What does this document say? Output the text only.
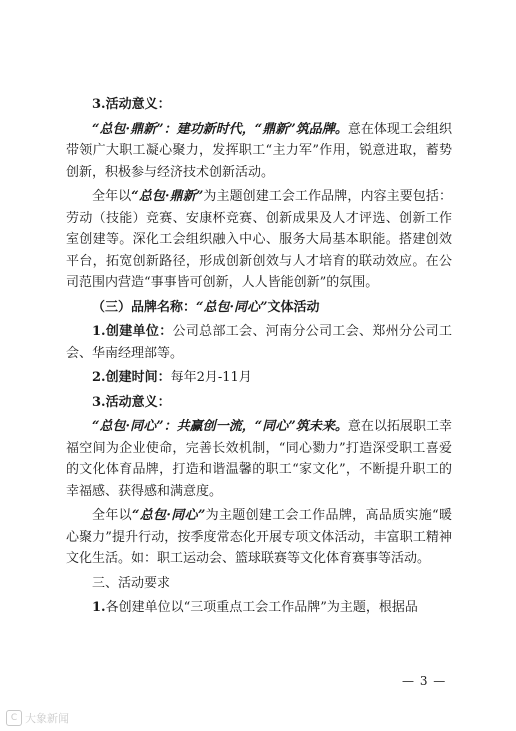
3.活动意义：

“总包·鼎新”：建功新时代，“鼎新”筑品牌。意在体现工会组织带领广大职工凝心聚力，发挥职工“主力军”作用，锐意进取，蓄势创新，积极参与经济技术创新活动。

全年以“总包·鼎新”为主题创建工会工作品牌，内容主要包括：劳动（技能）竞赛、安康杯竞赛、创新成果及人才评选、创新工作室创建等。深化工会组织融入中心、服务大局基本职能。搭建创效平台，拓宽创新路径，形成创新创效与人才培育的联动效应。在公司范围内营造“事事皆可创新，人人皆能创新”的氛围。

（三）品牌名称：“总包·同心”文体活动

1.创建单位：公司总部工会、河南分公司工会、郑州分公司工会、华南经理部等。

2.创建时间：每年2月-11月

3.活动意义：

“总包·同心”：共赢创一流，“同心”筑未来。意在以拓展职工幸福空间为企业使命，完善长效机制，“同心勠力”打造深受职工喜爱的文化体育品牌，打造和谐温馨的职工“家文化”，不断提升职工的幸福感、获得感和满意度。

全年以“总包·同心”为主题创建工会工作品牌，高品质实施“暖心聚力”提升行动，按季度常态化开展专项文体活动，丰富职工精神文化生活。如：职工运动会、篮球联赛等文化体育赛事等活动。

三、活动要求

1.各创建单位以“三项重点工会工作品牌”为主题，根据品

— 3 —
C 大象新闻
